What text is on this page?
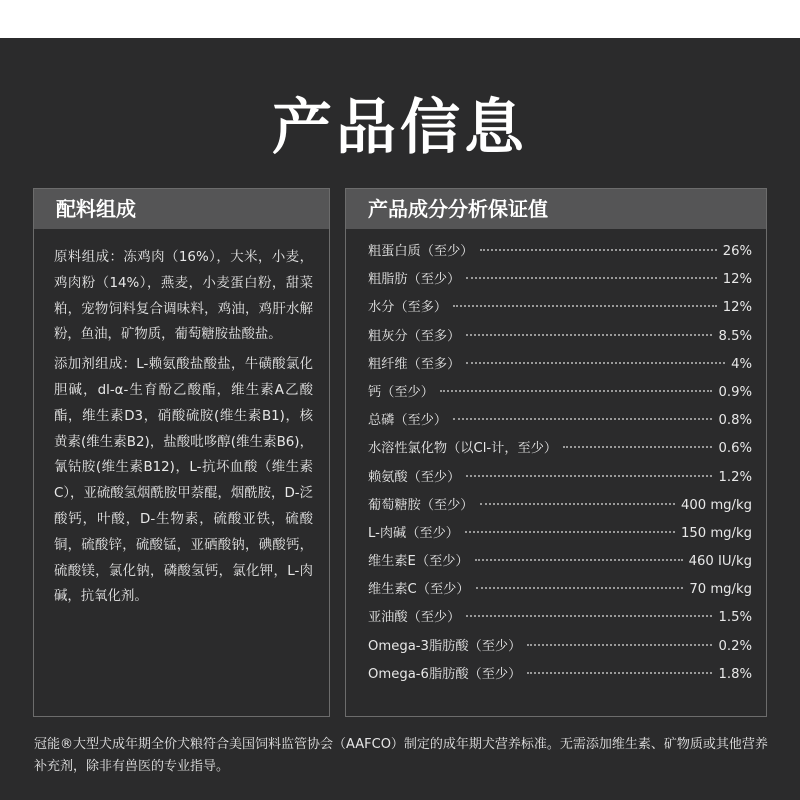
产品信息
配料组成

原料组成：冻鸡肉（16%），大米，小麦，鸡肉粉（14%），燕麦，小麦蛋白粉，甜菜粕，宠物饲料复合调味料，鸡油，鸡肝水解粉，鱼油，矿物质，葡萄糖胺盐酸盐。

添加剂组成：L-赖氨酸盐酸盐，牛磺酸氯化胆碱，dl-α-生育酚乙酸酯，维生素A乙酸酯，维生素D3，硝酸硫胺(维生素B1)，核黄素(维生素B2)，盐酸吡哆醇(维生素B6)，氰钴胺(维生素B12)，L-抗坏血酸（维生素C），亚硫酸氢烟酰胺甲萘醌，烟酰胺，D-泛酸钙，叶酸，D-生物素，硫酸亚铁，硫酸铜，硫酸锌，硫酸锰，亚硒酸钠，碘酸钙，硫酸镁，氯化钠，磷酸氢钙，氯化钾，L-肉碱，抗氧化剂。

产品成分分析保证值
粗蛋白质（至少）	26%
粗脂肪（至少）	12%
水分（至多）	12%
粗灰分（至多）	8.5%
粗纤维（至多）	4%
钙（至少）	0.9%
总磷（至少）	0.8%
水溶性氯化物（以Cl-计，至少）	0.6%
赖氨酸（至少）	1.2%
葡萄糖胺（至少）	400 mg/kg
L-肉碱（至少）	150 mg/kg
维生素E（至少）	460 IU/kg
维生素C（至少）	70 mg/kg
亚油酸（至少）	1.5%
Omega-3脂肪酸（至少）	0.2%
Omega-6脂肪酸（至少）	1.8%

冠能®大型犬成年期全价犬粮符合美国饲料监管协会（AAFCO）制定的成年期犬营养标准。无需添加维生素、矿物质或其他营养补充剂，除非有兽医的专业指导。
